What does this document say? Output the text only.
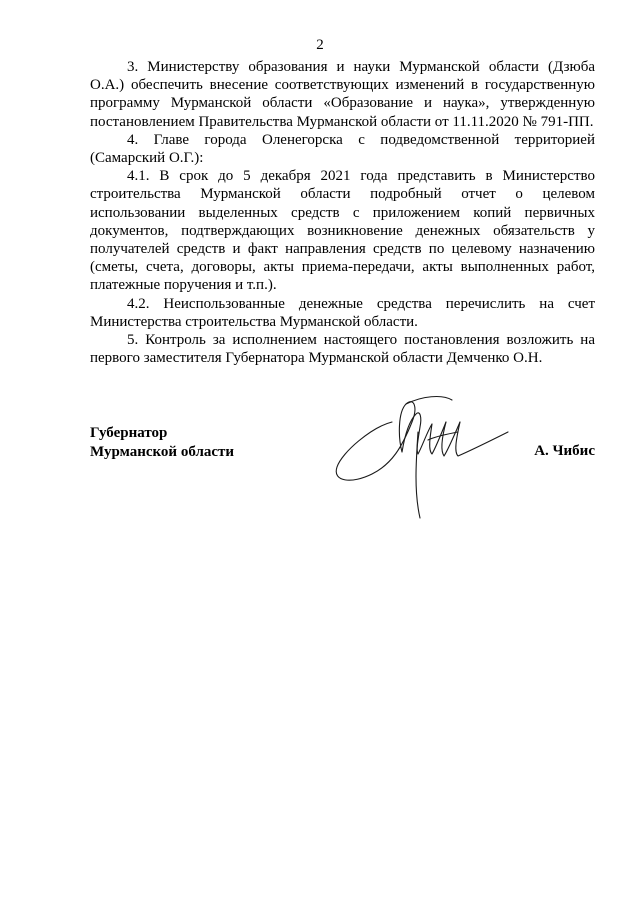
2

3. Министерству образования и науки Мурманской области (Дзюба О.А.) обеспечить внесение соответствующих изменений в государственную программу Мурманской области «Образование и наука», утвержденную постановлением Правительства Мурманской области от 11.11.2020 № 791-ПП.

4. Главе города Оленегорска с подведомственной территорией (Самарский О.Г.):

4.1. В срок до 5 декабря 2021 года представить в Министерство строительства Мурманской области подробный отчет о целевом использовании выделенных средств с приложением копий первичных документов, подтверждающих возникновение денежных обязательств у получателей средств и факт направления средств по целевому назначению (сметы, счета, договоры, акты приема-передачи, акты выполненных работ, платежные поручения и т.п.).

4.2. Неиспользованные денежные средства перечислить на счет Министерства строительства Мурманской области.

5. Контроль за исполнением настоящего постановления возложить на первого заместителя Губернатора Мурманской области Демченко О.Н.

Губернатор
Мурманской области	А. Чибис
